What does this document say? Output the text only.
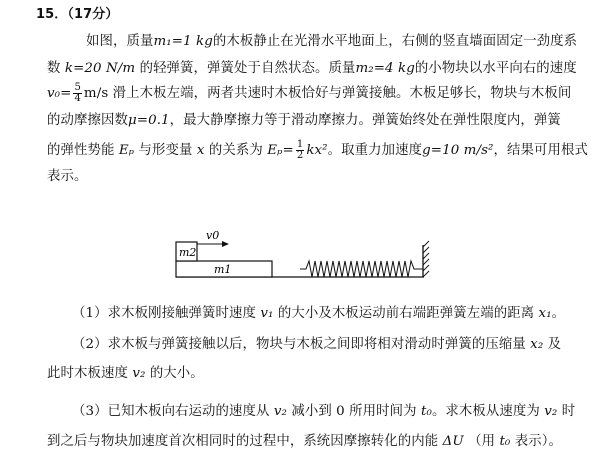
15．（17分）
如图，质量m₁=1 kg的木板静止在光滑水平地面上，右侧的竖直墙面固定一劲度系
数 k=20 N/m 的轻弹簧，弹簧处于自然状态。质量m₂=4 kg的小物块以水平向右的速度
$v_0= \frac{5}{4} m/s$ 滑上木板左端，两者共速时木板恰好与弹簧接触。木板足够长，物块与木板间
的动摩擦因数μ=0.1，最大静摩擦力等于滑动摩擦力。弹簧始终处在弹性限度内，弹簧
的弹性势能 Eₚ 与形变量 x 的关系为 $E_p= \frac{1}{2} kx^2$。取重力加速度g=10 m/s²，结果可用根式
表示。
m2
m1
v0
（1）求木板刚接触弹簧时速度 v₁ 的大小及木板运动前右端距弹簧左端的距离 x₁。
（2）求木板与弹簧接触以后，物块与木板之间即将相对滑动时弹簧的压缩量 x₂ 及
此时木板速度 v₂ 的大小。
（3）已知木板向右运动的速度从 v₂ 减小到 0 所用时间为 t₀。求木板从速度为 v₂ 时
到之后与物块加速度首次相同时的过程中，系统因摩擦转化的内能 ΔU （用 t₀ 表示）。
